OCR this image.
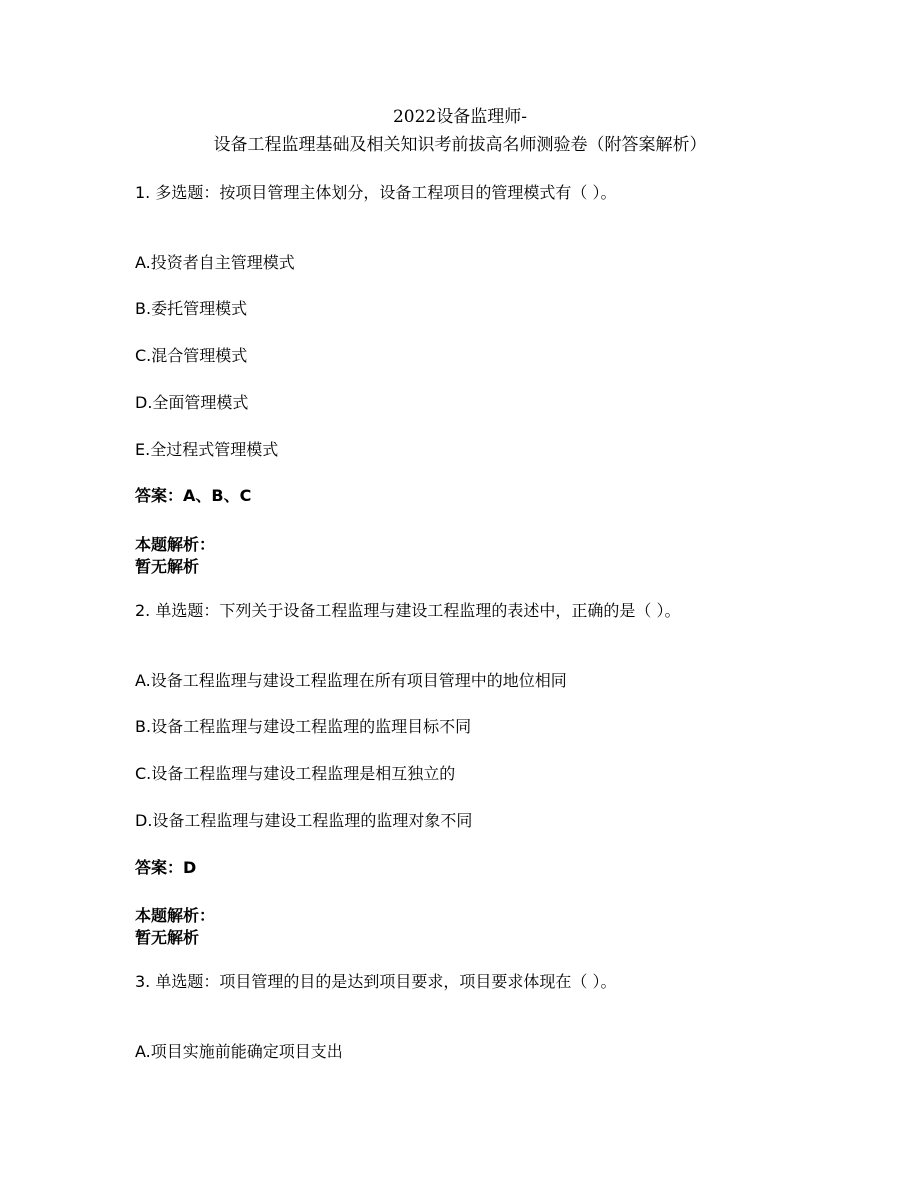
2022设备监理师-
设备工程监理基础及相关知识考前拔高名师测验卷（附答案解析）
1. 多选题：按项目管理主体划分，设备工程项目的管理模式有（ ）。
A.投资者自主管理模式
B.委托管理模式
C.混合管理模式
D.全面管理模式
E.全过程式管理模式
答案：A、B、C
本题解析：
暂无解析
2. 单选题：下列关于设备工程监理与建设工程监理的表述中，正确的是（ ）。
A.设备工程监理与建设工程监理在所有项目管理中的地位相同
B.设备工程监理与建设工程监理的监理目标不同
C.设备工程监理与建设工程监理是相互独立的
D.设备工程监理与建设工程监理的监理对象不同
答案：D
本题解析：
暂无解析
3. 单选题：项目管理的目的是达到项目要求，项目要求体现在（ ）。
A.项目实施前能确定项目支出
